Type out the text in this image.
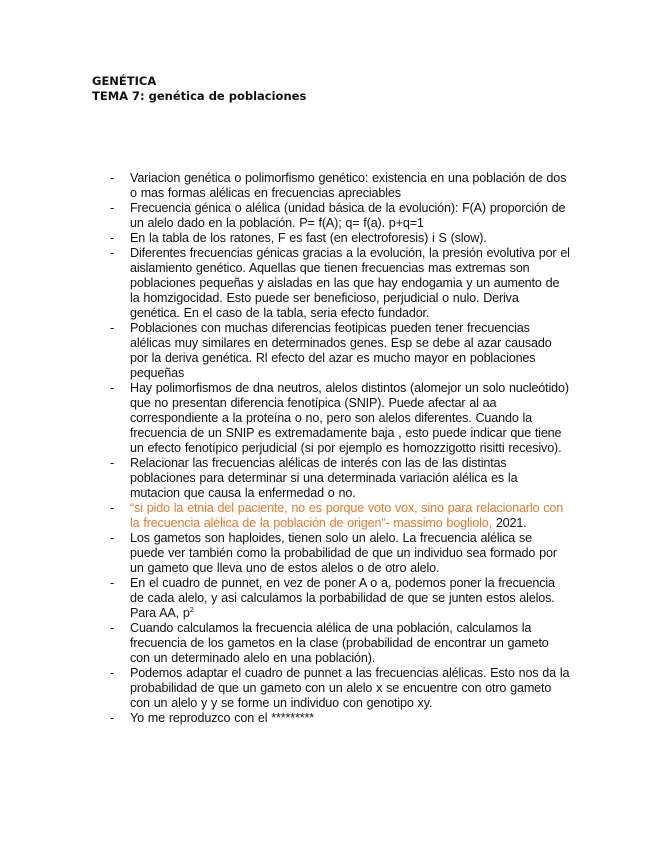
GENÉTICA
TEMA 7: genética de poblaciones
- Variacion genética o polimorfismo genético: existencia en una población de dos o mas formas alélicas en frecuencias apreciables
- Frecuencia génica o alélica (unidad básica de la evolución): F(A) proporción de un alelo dado en la población. P= f(A); q= f(a). p+q=1
- En la tabla de los ratones, F es fast (en electroforesis) i S (slow).
- Diferentes frecuencias génicas gracias a la evolución, la presión evolutiva por el aislamiento genético. Aquellas que tienen frecuencias mas extremas son poblaciones pequeñas y aisladas en las que hay endogamia y un aumento de la homzigocidad. Esto puede ser beneficioso, perjudicial o nulo. Deriva genética. En el caso de la tabla, seria efecto fundador.
- Poblaciones con muchas diferencias feotipicas pueden tener frecuencias alélicas muy similares en determinados genes. Esp se debe al azar causado por la deriva genética. Rl efecto del azar es mucho mayor en poblaciones pequeñas
- Hay polimorfismos de dna neutros, alelos distintos (alomejor un solo nucleótido) que no presentan diferencia fenotípica (SNIP). Puede afectar al aa correspondiente a la proteína o no, pero son alelos diferentes. Cuando la frecuencia de un SNIP es extremadamente baja , esto puede indicar que tiene un efecto fenotípico perjudicial (si por ejemplo es homozzigotto risitti recesivo).
- Relacionar las frecuencias alélicas de interés con las de las distintas poblaciones para determinar si una determinada variación alélica es la mutacion que causa la enfermedad o no.
- “si pido la etnia del paciente, no es porque voto vox, sino para relacionarlo con la frecuencia alélica de la población de origen”- massimo bogliolo, 2021.
- Los gametos son haploides, tienen solo un alelo. La frecuencia alélica se puede ver también como la probabilidad de que un individuo sea formado por un gameto que lleva uno de estos alelos o de otro alelo.
- En el cuadro de punnet, en vez de poner A o a, podemos poner la frecuencia de cada alelo, y asi calculamos la porbabilidad de que se junten estos alelos. Para AA, $p^2$
- Cuando calculamos la frecuencia alélica de una población, calculamos la frecuencia de los gametos en la clase (probabilidad de encontrar un gameto con un determinado alelo en una población).
- Podemos adaptar el cuadro de punnet a las frecuencias alélicas. Esto nos da la probabilidad de que un gameto con un alelo x se encuentre con otro gameto con un alelo y y se forme un individuo con genotipo xy.
- Yo me reproduzco con el *********
